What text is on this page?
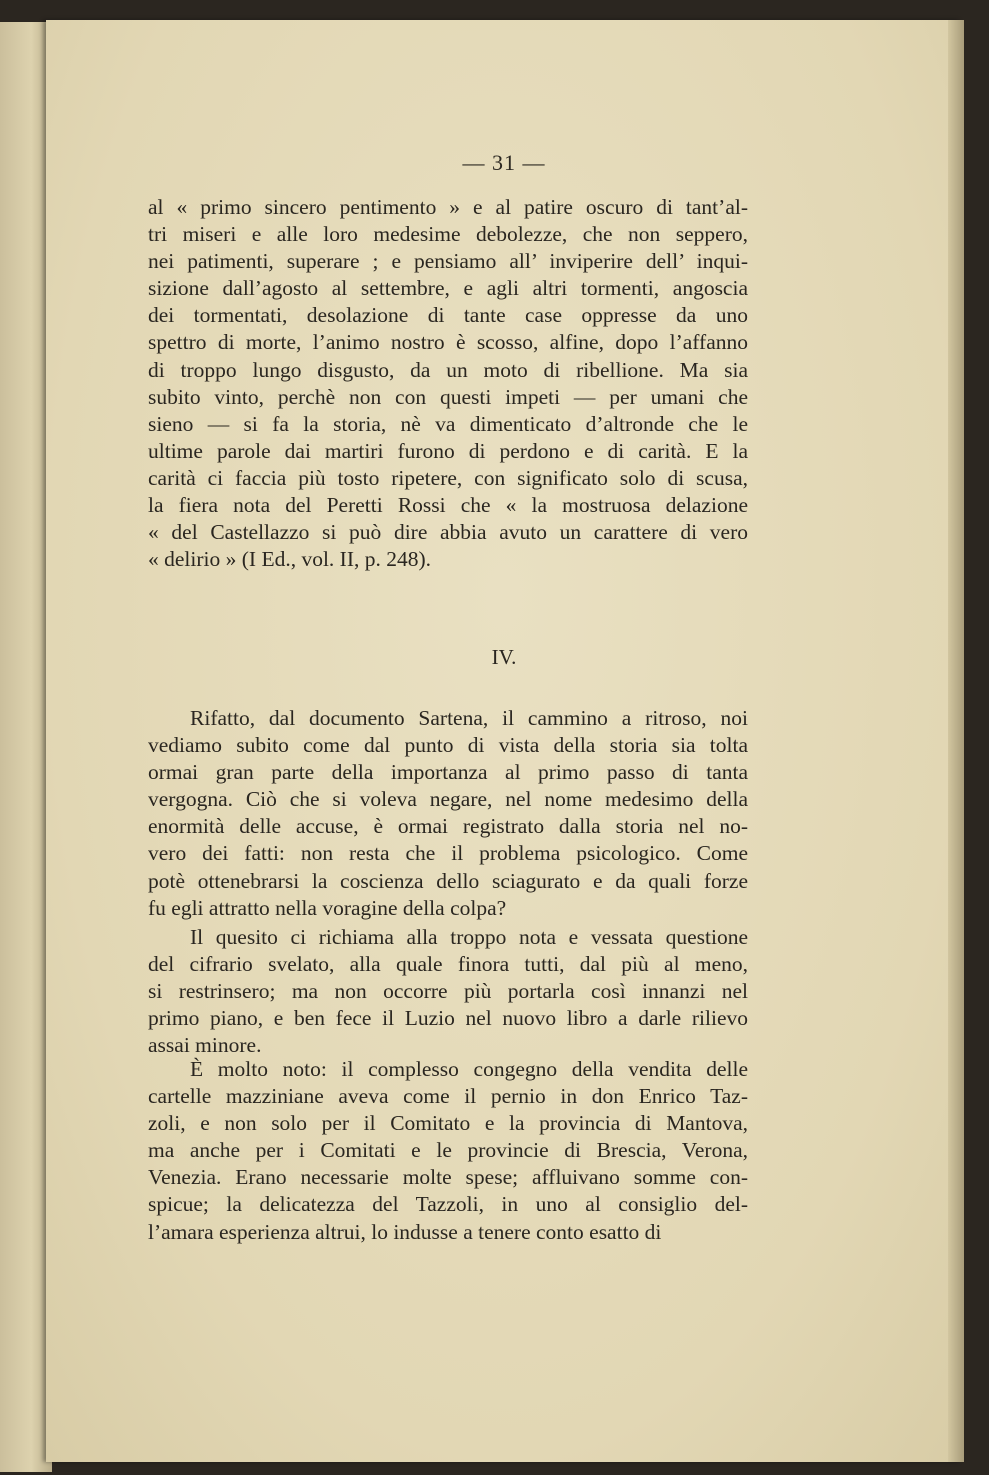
— 31 —
al « primo sincero pentimento » e al patire oscuro di tant’al-
tri miseri e alle loro medesime debolezze, che non seppero,
nei patimenti, superare ; e pensiamo all’ inviperire dell’ inqui-
sizione dall’agosto al settembre, e agli altri tormenti, angoscia
dei tormentati, desolazione di tante case oppresse da uno
spettro di morte, l’animo nostro è scosso, alfine, dopo l’affanno
di troppo lungo disgusto, da un moto di ribellione. Ma sia
subito vinto, perchè non con questi impeti — per umani che
sieno — si fa la storia, nè va dimenticato d’altronde che le
ultime parole dai martiri furono di perdono e di carità. E la
carità ci faccia più tosto ripetere, con significato solo di scusa,
la fiera nota del Peretti Rossi che « la mostruosa delazione
« del Castellazzo si può dire abbia avuto un carattere di vero
« delirio » (I Ed., vol. II, p. 248).
IV.
Rifatto, dal documento Sartena, il cammino a ritroso, noi
vediamo subito come dal punto di vista della storia sia tolta
ormai gran parte della importanza al primo passo di tanta
vergogna. Ciò che si voleva negare, nel nome medesimo della
enormità delle accuse, è ormai registrato dalla storia nel no-
vero dei fatti: non resta che il problema psicologico. Come
potè ottenebrarsi la coscienza dello sciagurato e da quali forze
fu egli attratto nella voragine della colpa?
Il quesito ci richiama alla troppo nota e vessata questione
del cifrario svelato, alla quale finora tutti, dal più al meno,
si restrinsero; ma non occorre più portarla così innanzi nel
primo piano, e ben fece il Luzio nel nuovo libro a darle rilievo
assai minore.
È molto noto: il complesso congegno della vendita delle
cartelle mazziniane aveva come il pernio in don Enrico Taz-
zoli, e non solo per il Comitato e la provincia di Mantova,
ma anche per i Comitati e le provincie di Brescia, Verona,
Venezia. Erano necessarie molte spese; affluivano somme con-
spicue; la delicatezza del Tazzoli, in uno al consiglio del-
l’amara esperienza altrui, lo indusse a tenere conto esatto di
